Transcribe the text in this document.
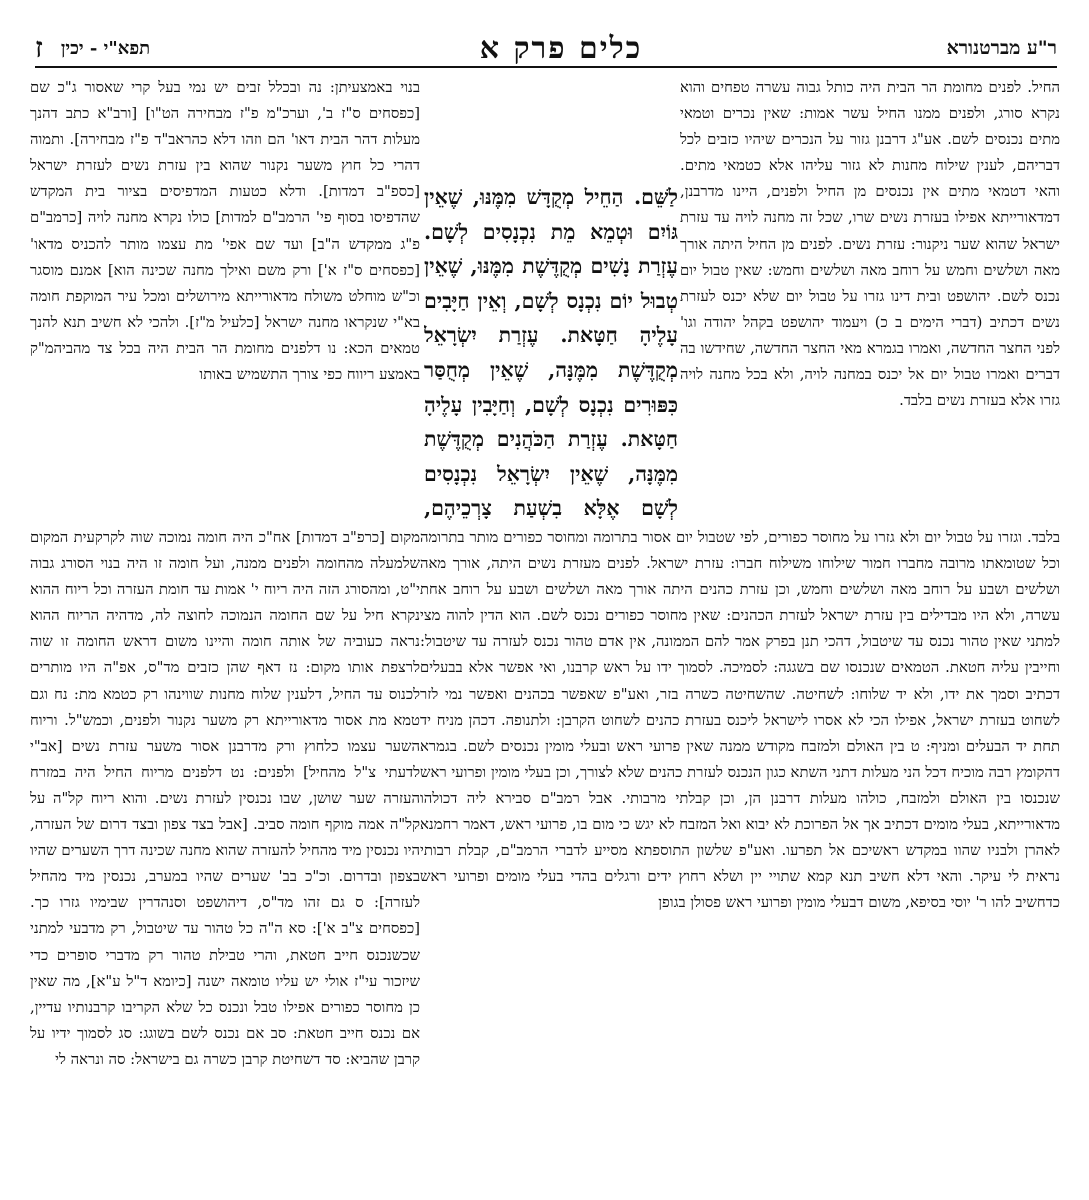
ר"ע מברטנורא
כלים פרק א
תפא"י - יכין
ז

החיל. לפנים מחומת הר הבית היה כותל גבוה עשרה טפחים והוא נקרא סורג, ולפנים ממנו החיל עשר אמות: שאין נכרים וטמאי מתים נכנסים לשם. אע"ג דרבנן גזור על הנכרים שיהיו כזבים לכל דבריהם, לענין שילוח מחנות לא גזור עליהו אלא כטמאי מתים. והאי דטמאי מתים אין נכנסים מן החיל ולפנים, היינו מדרבנן, דמדאורייתא אפילו בעזרת נשים שרו, שכל זה מחנה לויה עד עזרת ישראל שהוא שער ניקנור: עזרת נשים. לפנים מן החיל היתה אורך מאה ושלשים וחמש על רוחב מאה ושלשים וחמש: שאין טבול יום נכנס לשם. יהושפט ובית דינו גזרו על טבול יום שלא יכנס לעזרת נשים דכתיב (דברי הימים ב כ) ויעמוד יהושפט בקהל יהודה וגו' לפני החצר החדשה, ואמרו בגמרא מאי החצר החדשה, שחידשו בה דברים ואמרו טבול יום אל יכנס במחנה לויה, ולא בכל מחנה לויה גזרו אלא בעזרת נשים בלבד.

בנוי באמצעיתן: נה ובכלל זבים יש נמי בעל קרי שאסור ג"כ שם [כפסחים ס"ז ב', וערכ"מ פ"ז מבחירה הט"ו] [ורב"א כתב דהנך מעלות דהר הבית דאו' הם וזהו דלא כהראב"ד פ"ז מבחירה]. ותמוה דהרי כל חוץ משער נקנור שהוא בין עזרת נשים לעזרת ישראל [כספ"ב דמדות]. ודלא כטעות המדפיסים בציור בית המקדש שהדפיסו בסוף פי' הרמב"ם למדות] כולו נקרא מחנה לויה [כרמב"ם פ"ג ממקדש ה"ב] ועד שם אפי' מת עצמו מותר להכניס מדאו' [כפסחים ס"ז א'] ורק משם ואילך מחנה שכינה הוא] אמנם מוסגר וכ"ש מוחלט משולח מדאורייתא מירושלים ומכל עיר המוקפת חומה בא"י שנקראו מחנה ישראל [כלעיל מ"ז]. ולהכי לא חשיב תנא להנך טמאים הכא: נו דלפנים מחומת הר הבית היה בכל צד מהביהמ"ק באמצע ריווח כפי צורך התשמיש באותו

לַשֵּׁם. הַחֵיל מְקֻדָּשׁ מִמֶּנּוּ, שֶׁאֵין גּוֹיִם וּטְמֵא מֵת נִכְנָסִים לְשָׁם. עֶזְרַת נָשִׁים מְקֻדֶּשֶׁת מִמֶּנּוּ, שֶׁאֵין טְבוּל יוֹם נִכְנָס לְשָׁם, וְאֵין חַיָּבִים עָלֶיהָ חַטָּאת. עֶזְרַת יִשְׂרָאֵל מְקֻדֶּשֶׁת מִמֶּנָּה, שֶׁאֵין מְחֻסַּר כִּפּוּרִים נִכְנָס לְשָׁם, וְחַיָּבִין עָלֶיהָ חַטָּאת. עֶזְרַת הַכֹּהֲנִים מְקֻדֶּשֶׁת מִמֶּנָּה, שֶׁאֵין יִשְׂרָאֵל נִכְנָסִים לְשָׁם אֶלָּא בִשְׁעַת צָרְכֵיהֶם,

בלבד. וגזרו על טבול יום ולא גזרו על מחוסר כפורים, לפי שטבול יום אסור בתרומה ומחוסר כפורים מותר בתרומה וכל שטומאתו מרובה מחברו חמור שילוחו משילוח חברו: עזרת ישראל. לפנים מעזרת נשים היתה, אורך מאה ושלשים ושבע על רוחב מאה ושלשים וחמש, וכן עזרת כהנים היתה אורך מאה ושלשים ושבע על רוחב אחת עשרה, ולא היו מבדילים בין עזרת ישראל לעזרת הכהנים: שאין מחוסר כפורים נכנס לשם. הוא הדין להוה מצי למתני שאין טהור נכנס עד שיטבול, דהכי תנן בפרק אמר להם הממונה, אין אדם טהור נכנס לעזרה עד שיטבול: וחייבין עליה חטאת. הטמאים שנכנסו שם בשגגה: לסמיכה. לסמוך ידו על ראש קרבנו, ואי אפשר אלא בבעלים דכתיב וסמך את ידו, ולא יד שלוחו: לשחיטה. שהשחיטה כשרה בזר, ואע"פ שאפשר בכהנים ואפשר נמי לזר לשחוט בעזרת ישראל, אפילו הכי לא אסרו לישראל ליכנס בעזרת כהנים לשחוט הקרבן: ולתנופה. דכהן מניח יד תחת יד הבעלים ומניף: ט בין האולם ולמזבח מקודש ממנה שאין פרועי ראש ובעלי מומין נכנסים לשם. בגמרא דהקומץ רבה מוכיח דכל הני מעלות דתני השתא כגון הנכנס לעזרת כהנים שלא לצורך, וכן בעלי מומין ופרועי ראש שנכנסו בין האולם ולמזבח, כולהו מעלות דרבנן הן, וכן קבלתי מרבותי. אבל רמב"ם סבירא ליה דכולהו מדאורייתא, בעלי מומים דכתיב אך אל הפרוכת לא יבוא ואל המזבח לא יגש כי מום בו, פרועי ראש, דאמר רחמנא לאהרן ולבניו שהוו במקדש ראשיכם אל תפרעו. ואע"פ שלשון התוספתא מסייע לדברי הרמב"ם, קבלת רבותי נראית לי עיקר. והאי דלא חשיב תנא קמא שתויי יין ושלא רחוץ ידים ורגלים בהדי בעלי מומים ופרועי ראש כדחשיב להו ר' יוסי בסיפא, משום דבעלי מומין ופרועי ראש פסולן בגופן

מקום [כרפ"ב דמדות] אח"כ היה חומה נמוכה שוה לקרקעית המקום שלמעלה מהחומה ולפנים ממנה, ועל חומה זו היה בנוי הסורג גבוה י"ט, ומהסורג הזה היה ריוח י' אמות עד חומת העזרה וכל ריוח ההוא נקרא חיל על שם החומה הנמוכה לחוצה לה, מדהיה הריוח ההוא נראה כעוביה של אותה חומה והיינו משום דראש החומה זו שוה לרצפת אותו מקום: נז דאף שהן כזבים מד"ס, אפ"ה היו מותרים לכנוס עד החיל, דלענין שלוח מחנות שווינהו רק כטמא מת: נח וגם טמא מת אסור מדאורייתא רק משער נקנור ולפנים, וכמש"ל. וריוח השער עצמו כלחוץ ורק מדרבנן אסור משער עזרת נשים [אב"י לדעתי צ"ל מהחיל] ולפנים: נט דלפנים מריוח החיל היה במזרח העזרה שער שושן, שבו נכנסין לעזרת נשים. והוא ריוח קל"ה על קל"ה אמה מוקף חומה סביב. [אבל בצד צפון ובצד דרום של העזרה, היו נכנסין מיד מהחיל להעזרה שהוא מחנה שכינה דרך השערים שהיו בצפון ובדרום. וכ"כ בב' שערים שהיו במערב, נכנסין מיד מהחיל לעזרה]: ס גם זהו מד"ס, דיהושפט וסנהדרין שבימיו גזרו כך. [כפסחים צ"ב א']: סא ה"ה כל טהור עד שיטבול, רק מדבעי למתני שכשנכנס חייב חטאת, והרי טבילת טהור רק מדברי סופרים כדי שיזכור עי"ז אולי יש עליו טומאה ישנה [כיומא ד"ל ע"א], מה שאין כן מחוסר כפורים אפילו טבל ונכנס כל שלא הקריבו קרבנותיו עדיין, אם נכנס חייב חטאת: סב אם נכנס לשם בשוגג: סג לסמוך ידיו על קרבן שהביא: סד דשחיטת קרבן כשרה גם בישראל: סה ונראה לי
